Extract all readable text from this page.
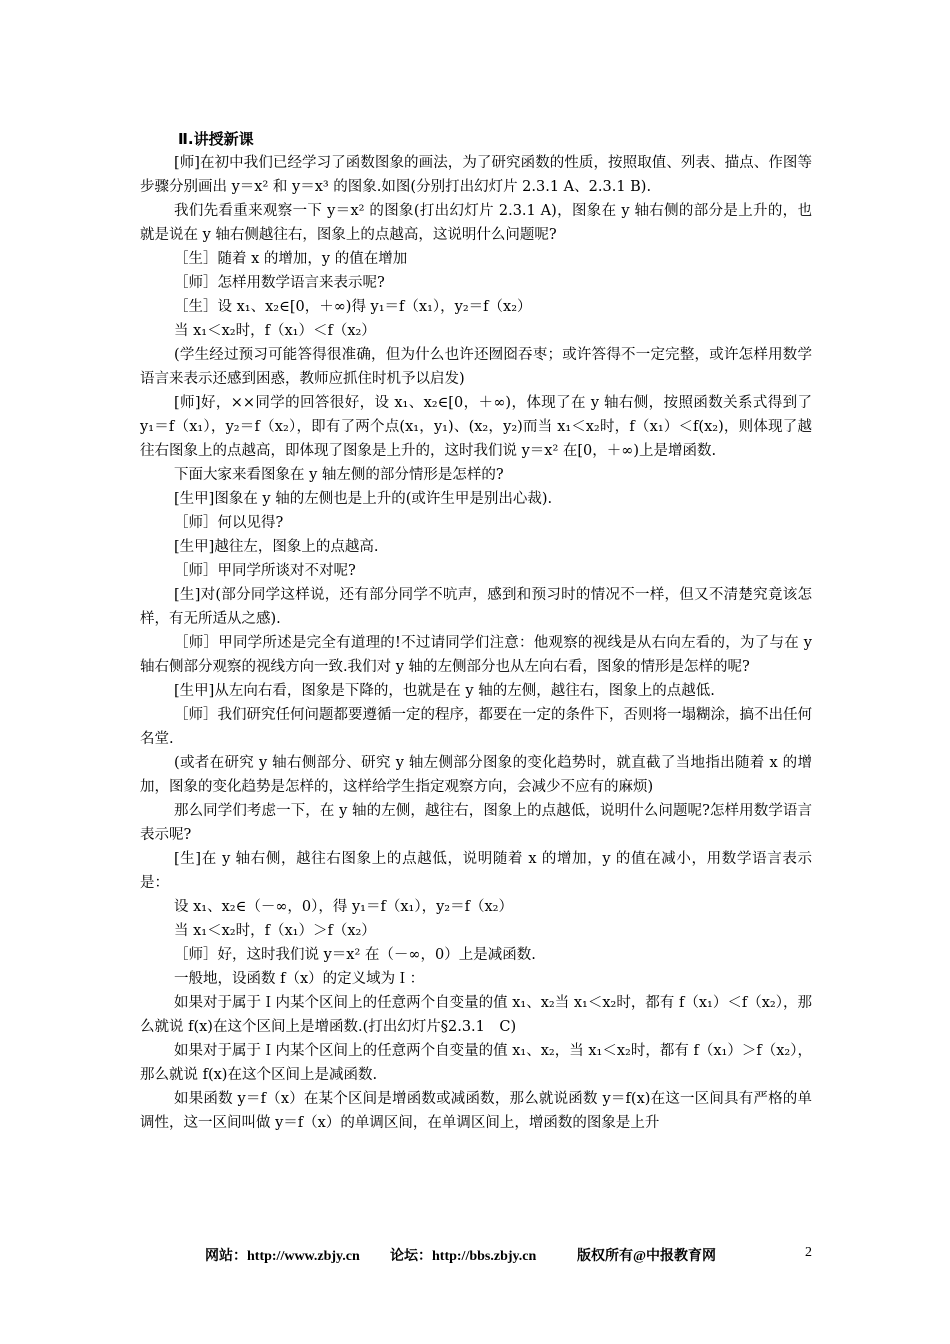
Ⅱ.讲授新课

[师]在初中我们已经学习了函数图象的画法，为了研究函数的性质，按照取值、列表、描点、作图等步骤分别画出 y＝x² 和 y＝x³ 的图象.如图(分别打出幻灯片 2.3.1 A、2.3.1 B).

我们先看重来观察一下 y＝x² 的图象(打出幻灯片 2.3.1 A)，图象在 y 轴右侧的部分是上升的，也就是说在 y 轴右侧越往右，图象上的点越高，这说明什么问题呢?

［生］随着 x 的增加，y 的值在增加

［师］怎样用数学语言来表示呢?

［生］设 x₁、x₂∈[0，＋∞)得 y₁＝f（x₁），y₂＝f（x₂）

当 x₁＜x₂时，f（x₁）＜f（x₂）

(学生经过预习可能答得很准确，但为什么也许还囫囵吞枣；或许答得不一定完整，或许怎样用数学语言来表示还感到困惑，教师应抓住时机予以启发)

[师]好，××同学的回答很好，设 x₁、x₂∈[0，＋∞)，体现了在 y 轴右侧，按照函数关系式得到了 y₁＝f（x₁），y₂＝f（x₂），即有了两个点(x₁，y₁)、(x₂，y₂)而当 x₁＜x₂时，f（x₁）＜f(x₂)，则体现了越往右图象上的点越高，即体现了图象是上升的，这时我们说 y＝x² 在[0，＋∞)上是增函数.

下面大家来看图象在 y 轴左侧的部分情形是怎样的?

[生甲]图象在 y 轴的左侧也是上升的(或许生甲是别出心裁).

［师］何以见得?

[生甲]越往左，图象上的点越高.

［师］甲同学所谈对不对呢?

[生]对(部分同学这样说，还有部分同学不吭声，感到和预习时的情况不一样，但又不清楚究竟该怎样，有无所适从之感).

［师］甲同学所述是完全有道理的!不过请同学们注意：他观察的视线是从右向左看的，为了与在 y 轴右侧部分观察的视线方向一致.我们对 y 轴的左侧部分也从左向右看，图象的情形是怎样的呢?

[生甲]从左向右看，图象是下降的，也就是在 y 轴的左侧，越往右，图象上的点越低.

［师］我们研究任何问题都要遵循一定的程序，都要在一定的条件下，否则将一塌糊涂，搞不出任何名堂.

(或者在研究 y 轴右侧部分、研究 y 轴左侧部分图象的变化趋势时，就直截了当地指出随着 x 的增加，图象的变化趋势是怎样的，这样给学生指定观察方向，会减少不应有的麻烦)

那么同学们考虑一下，在 y 轴的左侧，越往右，图象上的点越低，说明什么问题呢?怎样用数学语言表示呢?

[生]在 y 轴右侧，越往右图象上的点越低，说明随着 x 的增加，y 的值在减小，用数学语言表示是：

设 x₁、x₂∈（－∞，0），得 y₁＝f（x₁），y₂＝f（x₂）

当 x₁＜x₂时，f（x₁）＞f（x₂）

［师］好，这时我们说 y＝x² 在（－∞，0）上是减函数.

一般地，设函数 f（x）的定义域为Ｉ：

如果对于属于Ｉ内某个区间上的任意两个自变量的值 x₁、x₂当 x₁＜x₂时，都有 f（x₁）＜f（x₂），那么就说 f(x)在这个区间上是增函数.(打出幻灯片§2.3.1　C)

如果对于属于Ｉ内某个区间上的任意两个自变量的值 x₁、x₂，当 x₁＜x₂时，都有 f（x₁）＞f（x₂），那么就说 f(x)在这个区间上是减函数.

如果函数 y＝f（x）在某个区间是增函数或减函数，那么就说函数 y＝f(x)在这一区间具有严格的单调性，这一区间叫做 y＝f（x）的单调区间，在单调区间上，增函数的图象是上升

网站：http://www.zbjy.cn 论坛：http://bbs.zbjy.cn	版权所有@中报教育网	2
